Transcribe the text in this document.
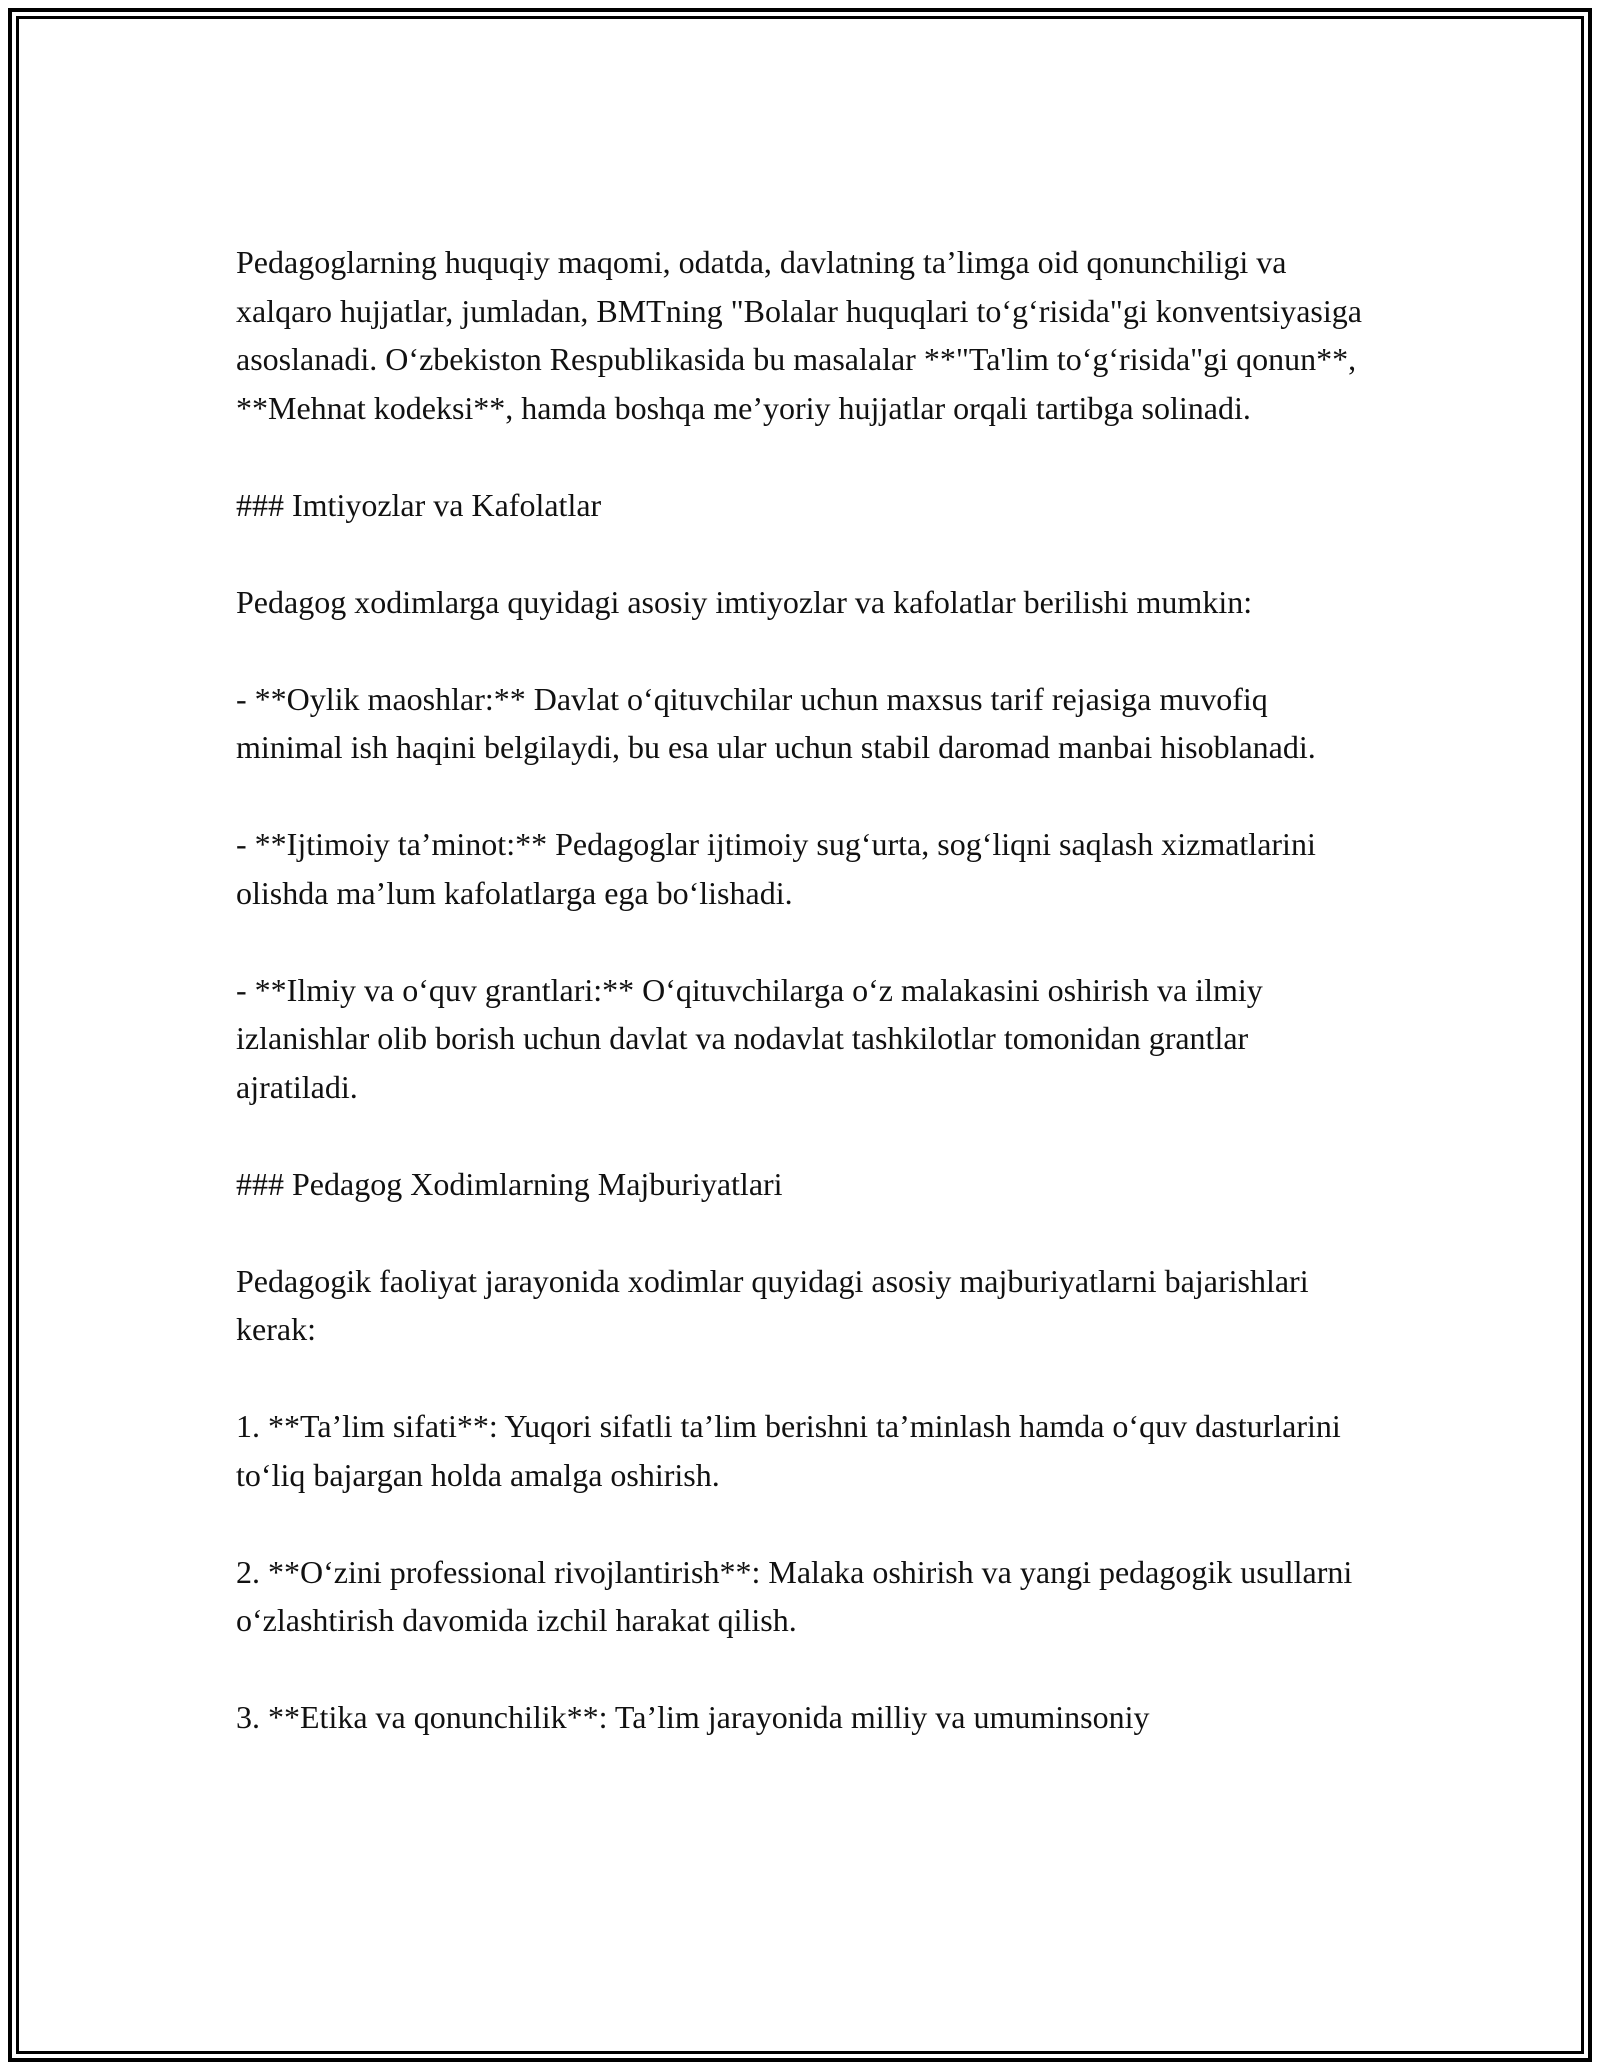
Pedagoglarning huquqiy maqomi, odatda, davlatning ta’limga oid qonunchiligi va xalqaro hujjatlar, jumladan, BMTning "Bolalar huquqlari to‘g‘risida"gi konventsiyasiga asoslanadi. O‘zbekiston Respublikasida bu masalalar **"Ta'lim to‘g‘risida"gi qonun**, **Mehnat kodeksi**, hamda boshqa me’yoriy hujjatlar orqali tartibga solinadi.

### Imtiyozlar va Kafolatlar

Pedagog xodimlarga quyidagi asosiy imtiyozlar va kafolatlar berilishi mumkin:

- **Oylik maoshlar:** Davlat o‘qituvchilar uchun maxsus tarif rejasiga muvofiq minimal ish haqini belgilaydi, bu esa ular uchun stabil daromad manbai hisoblanadi.

- **Ijtimoiy ta’minot:** Pedagoglar ijtimoiy sug‘urta, sog‘liqni saqlash xizmatlarini olishda ma’lum kafolatlarga ega bo‘lishadi.

- **Ilmiy va o‘quv grantlari:** O‘qituvchilarga o‘z malakasini oshirish va ilmiy izlanishlar olib borish uchun davlat va nodavlat tashkilotlar tomonidan grantlar ajratiladi.

### Pedagog Xodimlarning Majburiyatlari

Pedagogik faoliyat jarayonida xodimlar quyidagi asosiy majburiyatlarni bajarishlari kerak:

1. **Ta’lim sifati**: Yuqori sifatli ta’lim berishni ta’minlash hamda o‘quv dasturlarini to‘liq bajargan holda amalga oshirish.

2. **O‘zini professional rivojlantirish**: Malaka oshirish va yangi pedagogik usullarni o‘zlashtirish davomida izchil harakat qilish.

3. **Etika va qonunchilik**: Ta’lim jarayonida milliy va umuminsoniy
